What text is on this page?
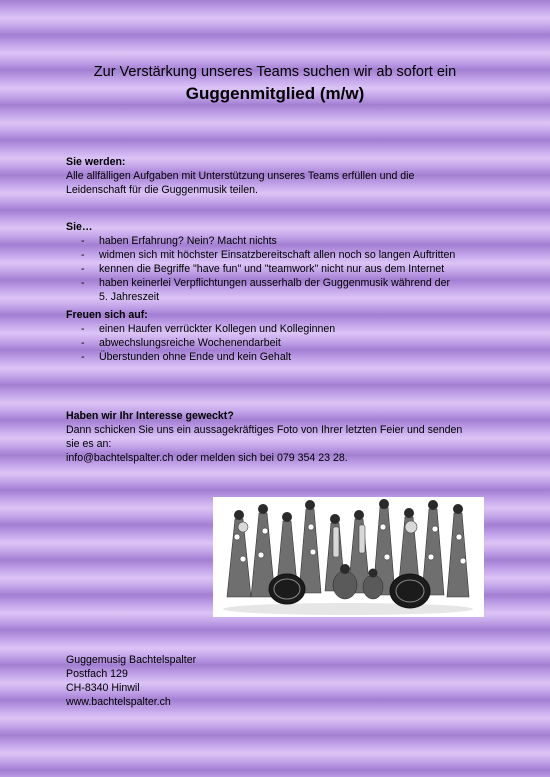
Zur Verstärkung unseres Teams suchen wir ab sofort ein
Guggenmitglied (m/w)
Sie werden:
Alle allfälligen Aufgaben mit Unterstützung unseres Teams erfüllen und die
Leidenschaft für die Guggenmusik teilen.
Sie…
- haben Erfahrung? Nein? Macht nichts
- widmen sich mit höchster Einsatzbereitschaft allen noch so langen Auftritten
- kennen die Begriffe "have fun" und "teamwork" nicht nur aus dem Internet
- haben keinerlei Verpflichtungen ausserhalb der Guggenmusik während der
5. Jahreszeit
Freuen sich auf:
- einen Haufen verrückter Kollegen und Kolleginnen
- abwechslungsreiche Wochenendarbeit
- Überstunden ohne Ende und kein Gehalt
Haben wir Ihr Interesse geweckt?
Dann schicken Sie uns ein aussagekräftiges Foto von Ihrer letzten Feier und senden
sie es an:
info@bachtelspalter.ch oder melden sich bei 079 354 23 28.
Guggemusig Bachtelspalter
Postfach 129
CH-8340 Hinwil
www.bachtelspalter.ch
